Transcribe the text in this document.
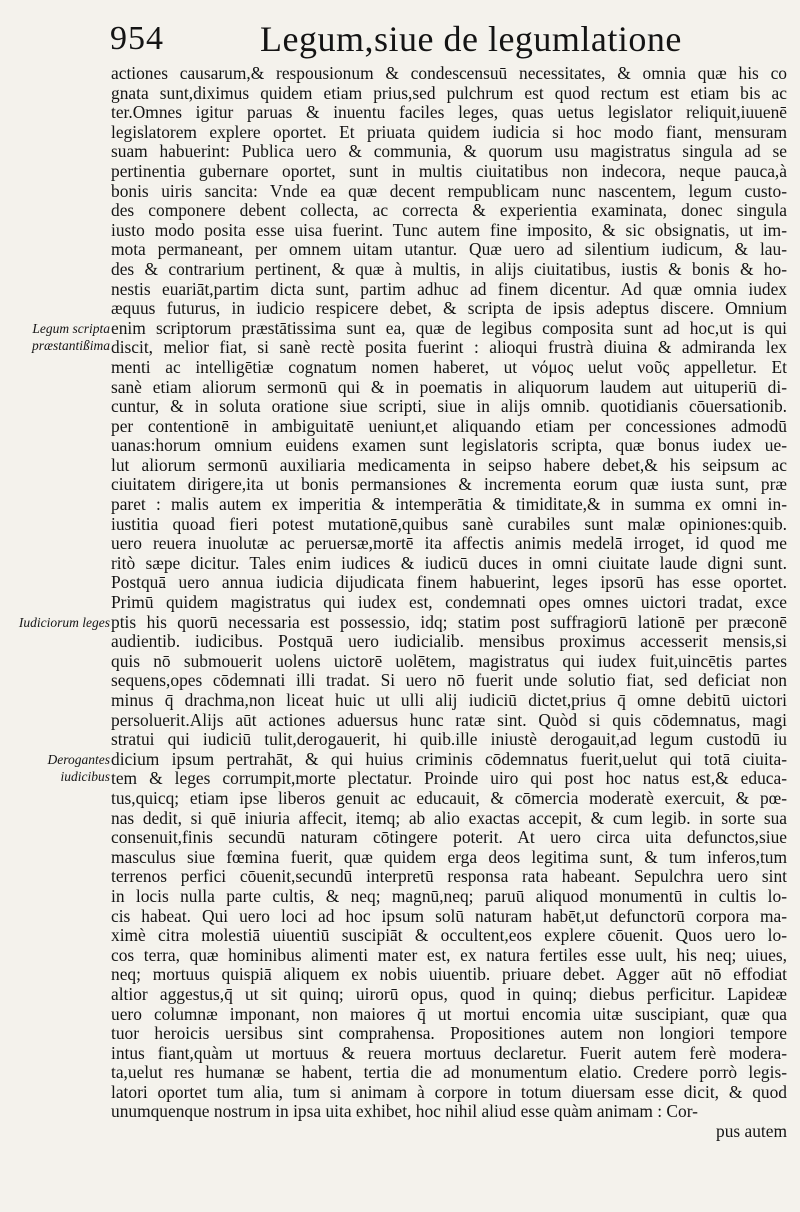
954	Legum,siue de legumlatione
actiones causarum,& respousionum & condescensuū necessitates, & omnia quæ his co
gnata sunt,diximus quidem etiam prius,sed pulchrum est quod rectum est etiam bis ac
ter.Omnes igitur paruas & inuentu faciles leges, quas uetus legislator reliquit,iuuenē
legislatorem explere oportet. Et priuata quidem iudicia si hoc modo fiant, mensuram
suam habuerint: Publica uero & communia, & quorum usu magistratus singula ad se
pertinentia gubernare oportet, sunt in multis ciuitatibus non indecora, neque pauca,à
bonis uiris sancita: Vnde ea quæ decent rempublicam nunc nascentem, legum custo-
des componere debent collecta, ac correcta & experientia examinata, donec singula
iusto modo posita esse uisa fuerint. Tunc autem fine imposito, & sic obsignatis, ut im-
mota permaneant, per omnem uitam utantur. Quæ uero ad silentium iudicum, & lau-
des & contrarium pertinent, & quæ à multis, in alijs ciuitatibus, iustis & bonis & ho-
nestis euariāt,partim dicta sunt, partim adhuc ad finem dicentur. Ad quæ omnia iudex
æquus futurus, in iudicio respicere debet, & scripta de ipsis adeptus discere. Omnium
enim scriptorum præstātissima sunt ea, quæ de legibus composita sunt ad hoc,ut is qui
discit, melior fiat, si sanè rectè posita fuerint : alioqui frustrà diuina & admiranda lex
menti ac intelligētiæ cognatum nomen haberet, ut νόμος uelut νοῦς appelletur. Et
sanè etiam aliorum sermonū qui & in poematis in aliquorum laudem aut uituperiū di-
cuntur, & in soluta oratione siue scripti, siue in alijs omnib. quotidianis cōuersationib.
per contentionē in ambiguitatē ueniunt,et aliquando etiam per concessiones admodū
uanas:horum omnium euidens examen sunt legislatoris scripta, quæ bonus iudex ue-
lut aliorum sermonū auxiliaria medicamenta in seipso habere debet,& his seipsum ac
ciuitatem dirigere,ita ut bonis permansiones & incrementa eorum quæ iusta sunt, præ
paret : malis autem ex imperitia & intemperātia & timiditate,& in summa ex omni in-
iustitia quoad fieri potest mutationē,quibus sanè curabiles sunt malæ opiniones:quib.
uero reuera inuolutæ ac peruersæ,mortē ita affectis animis medelā irroget, id quod me
ritò sæpe dicitur. Tales enim iudices & iudicū duces in omni ciuitate laude digni sunt.
Postquā uero annua iudicia dijudicata finem habuerint, leges ipsorū has esse oportet.
Primū quidem magistratus qui iudex est, condemnati opes omnes uictori tradat, exce
ptis his quorū necessaria est possessio, idq; statim post suffragiorū lationē per præconē
audientib. iudicibus. Postquā uero iudicialib. mensibus proximus accesserit mensis,si
quis nō submouerit uolens uictorē uolētem, magistratus qui iudex fuit,uincētis partes
sequens,opes cōdemnati illi tradat. Si uero nō fuerit unde solutio fiat, sed deficiat non
minus q̄ drachma,non liceat huic ut ulli alij iudiciū dictet,prius q̄ omne debitū uictori
persoluerit.Alijs aūt actiones aduersus hunc ratæ sint. Quòd si quis cōdemnatus, magi
stratui qui iudiciū tulit,derogauerit, hi quib.ille iniustè derogauit,ad legum custodū iu
dicium ipsum pertrahāt, & qui huius criminis cōdemnatus fuerit,uelut qui totā ciuita-
tem & leges corrumpit,morte plectatur. Proinde uiro qui post hoc natus est,& educa-
tus,quicq; etiam ipse liberos genuit ac educauit, & cōmercia moderatè exercuit, & pœ-
nas dedit, si quē iniuria affecit, itemq; ab alio exactas accepit, & cum legib. in sorte sua
consenuit,finis secundū naturam cōtingere poterit. At uero circa uita defunctos,siue
masculus siue fœmina fuerit, quæ quidem erga deos legitima sunt, & tum inferos,tum
terrenos perfici cōuenit,secundū interpretū responsa rata habeant. Sepulchra uero sint
in locis nulla parte cultis, & neq; magnū,neq; paruū aliquod monumentū in cultis lo-
cis habeat. Qui uero loci ad hoc ipsum solū naturam habēt,ut defunctorū corpora ma-
ximè citra molestiā uiuentiū suscipiāt & occultent,eos explere cōuenit. Quos uero lo-
cos terra, quæ hominibus alimenti mater est, ex natura fertiles esse uult, his neq; uiues,
neq; mortuus quispiā aliquem ex nobis uiuentib. priuare debet. Agger aūt nō effodiat
altior aggestus,q̄ ut sit quinq; uirorū opus, quod in quinq; diebus perficitur. Lapideæ
uero columnæ imponant, non maiores q̄ ut mortui encomia uitæ suscipiant, quæ qua
tuor heroicis uersibus sint comprahensa. Propositiones autem non longiori tempore
intus fiant,quàm ut mortuus & reuera mortuus declaretur. Fuerit autem ferè modera-
ta,uelut res humanæ se habent, tertia die ad monumentum elatio. Credere porrò legis-
latori oportet tum alia, tum si animam à corpore in totum diuersam esse dicit, & quod
unumquenque nostrum in ipsa uita exhibet, hoc nihil aliud esse quàm animam : Cor-
pus autem
Legum scripta præstantißima
Iudiciorum leges
Derogantes iudicibus
